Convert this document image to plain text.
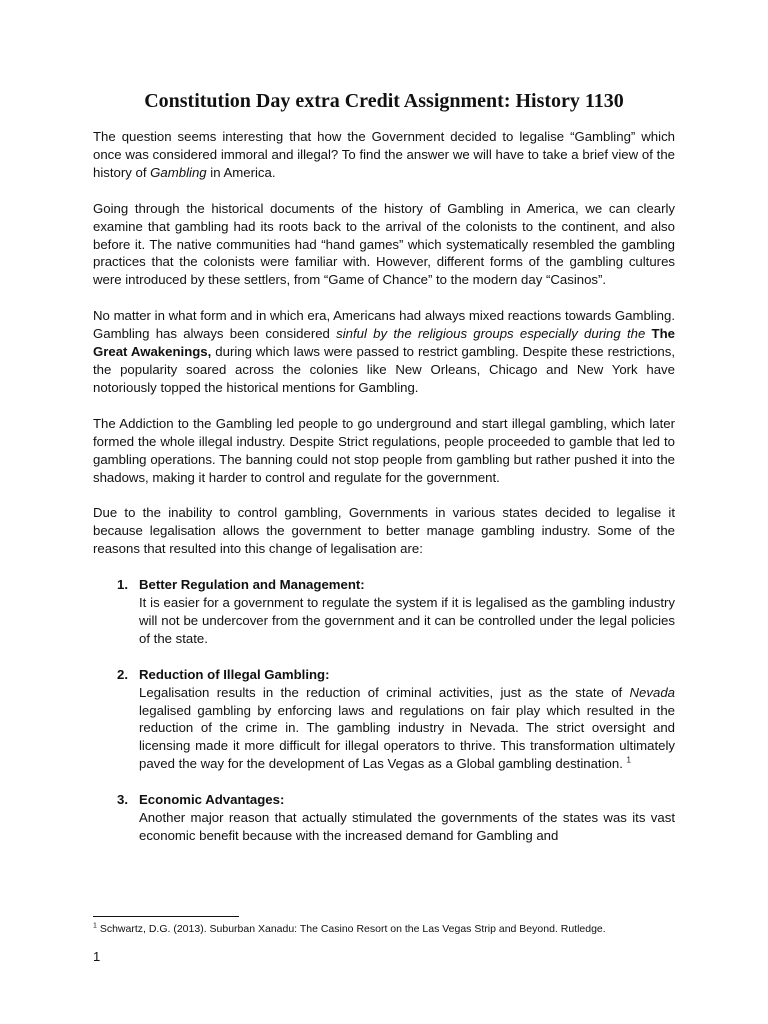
Constitution Day extra Credit Assignment: History 1130

The question seems interesting that how the Government decided to legalise “Gambling” which once was considered immoral and illegal? To find the answer we will have to take a brief view of the history of Gambling in America.

Going through the historical documents of the history of Gambling in America, we can clearly examine that gambling had its roots back to the arrival of the colonists to the continent, and also before it. The native communities had “hand games” which systematically resembled the gambling practices that the colonists were familiar with. However, different forms of the gambling cultures were introduced by these settlers, from “Game of Chance” to the modern day “Casinos”.

No matter in what form and in which era, Americans had always mixed reactions towards Gambling. Gambling has always been considered sinful by the religious groups especially during the The Great Awakenings, during which laws were passed to restrict gambling. Despite these restrictions, the popularity soared across the colonies like New Orleans, Chicago and New York have notoriously topped the historical mentions for Gambling.

The Addiction to the Gambling led people to go underground and start illegal gambling, which later formed the whole illegal industry. Despite Strict regulations, people proceeded to gamble that led to gambling operations. The banning could not stop people from gambling but rather pushed it into the shadows, making it harder to control and regulate for the government.

Due to the inability to control gambling, Governments in various states decided to legalise it because legalisation allows the government to better manage gambling industry. Some of the reasons that resulted into this change of legalisation are:

1. Better Regulation and Management:

It is easier for a government to regulate the system if it is legalised as the gambling industry will not be undercover from the government and it can be controlled under the legal policies of the state.

2. Reduction of Illegal Gambling:

Legalisation results in the reduction of criminal activities, just as the state of Nevada legalised gambling by enforcing laws and regulations on fair play which resulted in the reduction of the crime in. The gambling industry in Nevada. The strict oversight and licensing made it more difficult for illegal operators to thrive. This transformation ultimately paved the way for the development of Las Vegas as a Global gambling destination. $^1$

3. Economic Advantages:

Another major reason that actually stimulated the governments of the states was its vast economic benefit because with the increased demand for Gambling and

$^1$ Schwartz, D.G. (2013). Suburban Xanadu: The Casino Resort on the Las Vegas Strip and Beyond. Rutledge.
1
